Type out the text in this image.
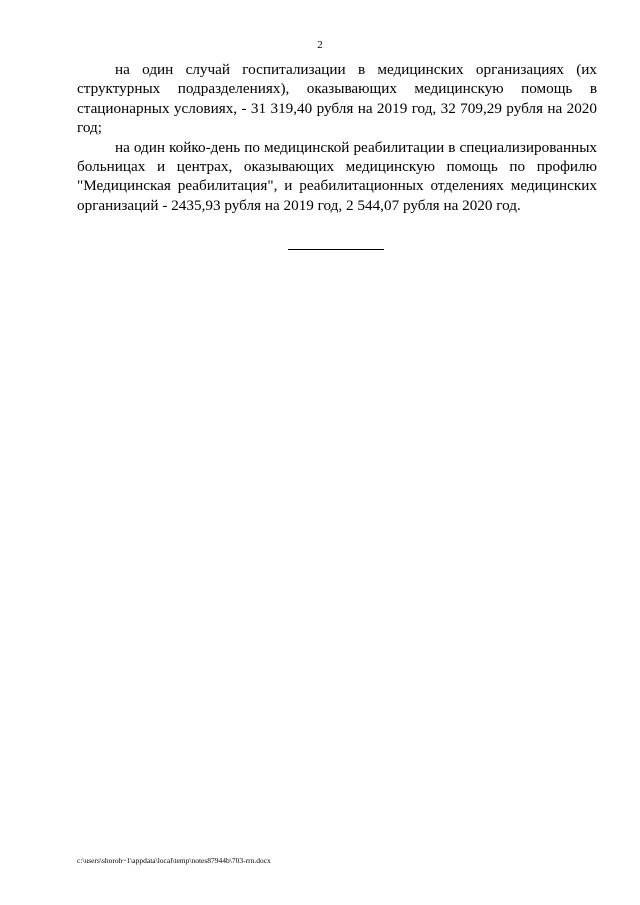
2

на один случай госпитализации в медицинских организациях (их структурных подразделениях), оказывающих медицинскую помощь в стационарных условиях, - 31 319,40 рубля на 2019 год, 32 709,29 рубля на 2020 год;

на один койко-день по медицинской реабилитации в специализированных больницах и центрах, оказывающих медицинскую помощь по профилю "Медицинская реабилитация", и реабилитационных отделениях медицинских организаций - 2435,93 рубля на 2019 год, 2 544,07 рубля на 2020 год.

c:\users\shoroh~1\appdata\local\temp\notes87944b\703-rrn.docx
